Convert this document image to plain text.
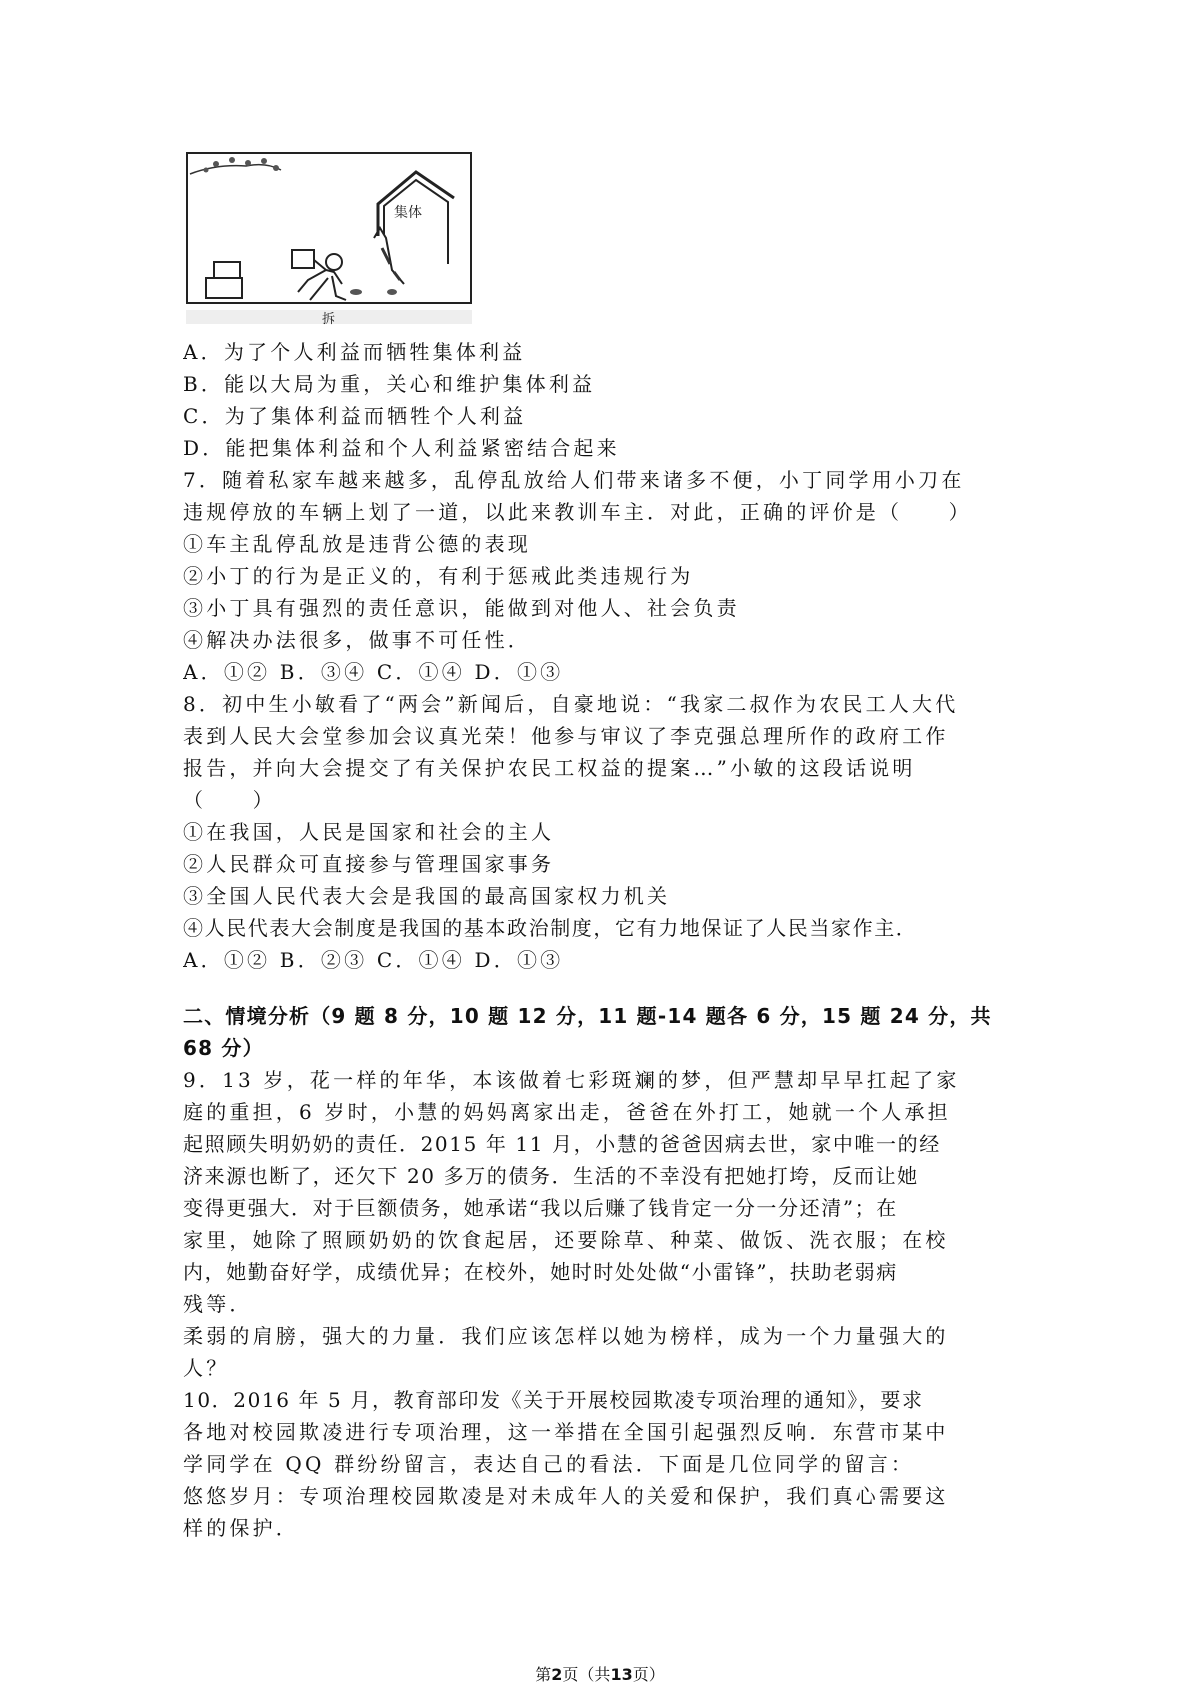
集体
拆
A．为了个人利益而牺牲集体利益
B．能以大局为重，关心和维护集体利益
C．为了集体利益而牺牲个人利益
D．能把集体利益和个人利益紧密结合起来
7．随着私家车越来越多，乱停乱放给人们带来诸多不便，小丁同学用小刀在
违规停放的车辆上划了一道，以此来教训车主．对此，正确的评价是（　　）
①车主乱停乱放是违背公德的表现
②小丁的行为是正义的，有利于惩戒此类违规行为
③小丁具有强烈的责任意识，能做到对他人、社会负责
④解决办法很多，做事不可任性．
A．①② B．③④ C．①④ D．①③
8．初中生小敏看了“两会”新闻后，自豪地说：“我家二叔作为农民工人大代
表到人民大会堂参加会议真光荣！他参与审议了李克强总理所作的政府工作
报告，并向大会提交了有关保护农民工权益的提案…”小敏的这段话说明
（　　）
①在我国，人民是国家和社会的主人
②人民群众可直接参与管理国家事务
③全国人民代表大会是我国的最高国家权力机关
④人民代表大会制度是我国的基本政治制度，它有力地保证了人民当家作主．
A．①② B．②③ C．①④ D．①③
二、情境分析（9 题 8 分，10 题 12 分，11 题-14 题各 6 分，15 题 24 分，共
68 分）
9．13 岁，花一样的年华，本该做着七彩斑斓的梦，但严慧却早早扛起了家
庭的重担，6 岁时，小慧的妈妈离家出走，爸爸在外打工，她就一个人承担
起照顾失明奶奶的责任．2015 年 11 月，小慧的爸爸因病去世，家中唯一的经
济来源也断了，还欠下 20 多万的债务．生活的不幸没有把她打垮，反而让她
变得更强大．对于巨额债务，她承诺“我以后赚了钱肯定一分一分还清”；在
家里，她除了照顾奶奶的饮食起居，还要除草、种菜、做饭、洗衣服；在校
内，她勤奋好学，成绩优异；在校外，她时时处处做“小雷锋”，扶助老弱病
残等．
柔弱的肩膀，强大的力量．我们应该怎样以她为榜样，成为一个力量强大的
人？
10．2016 年 5 月，教育部印发《关于开展校园欺凌专项治理的通知》，要求
各地对校园欺凌进行专项治理，这一举措在全国引起强烈反响．东营市某中
学同学在 QQ 群纷纷留言，表达自己的看法．下面是几位同学的留言：
悠悠岁月：专项治理校园欺凌是对未成年人的关爱和保护，我们真心需要这
样的保护．
第2页（共13页）
